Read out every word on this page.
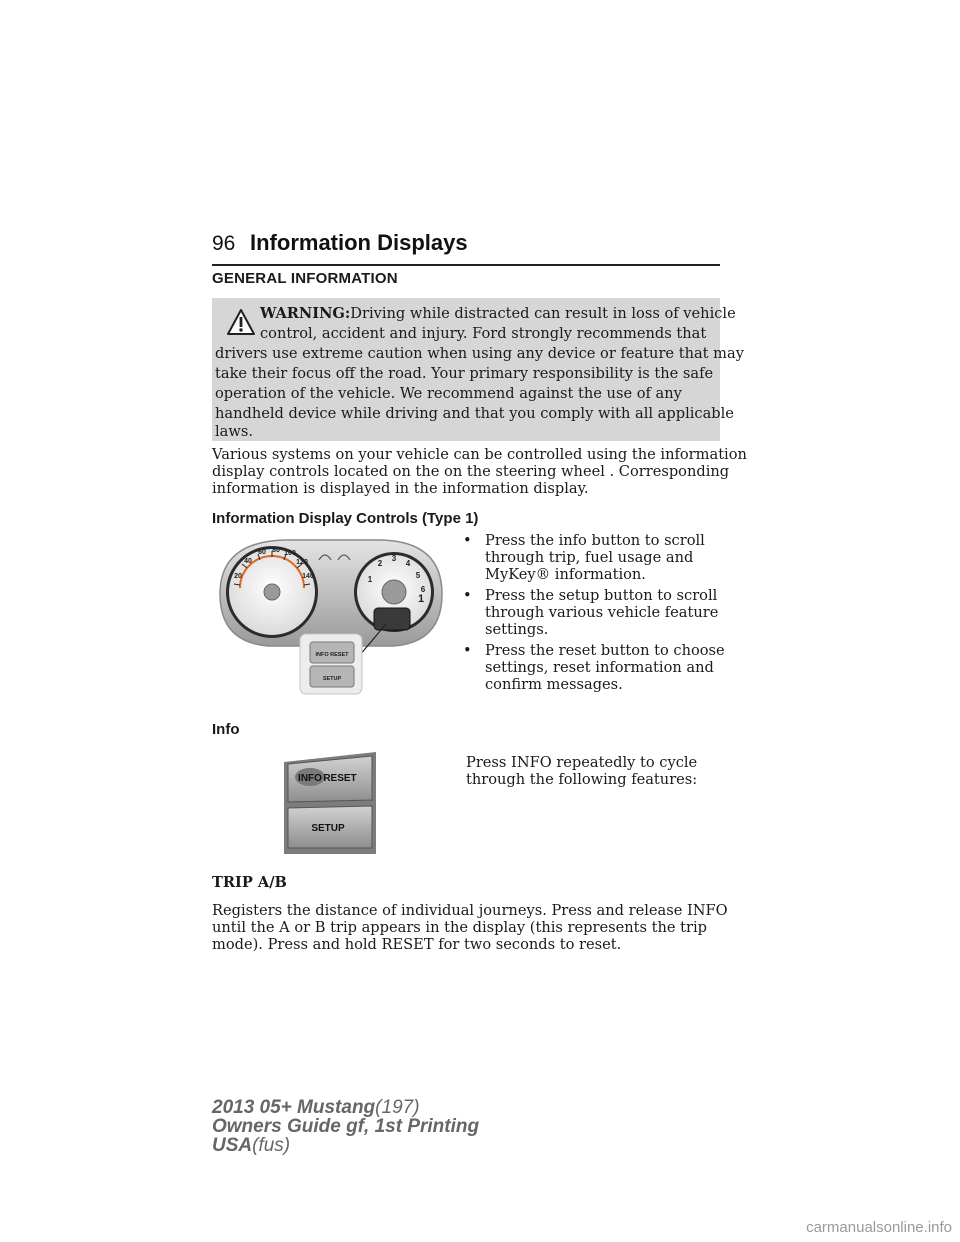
96 Information Displays
GENERAL INFORMATION
WARNING:Driving while distracted can result in loss of vehicle
control, accident and injury. Ford strongly recommends that
drivers use extreme caution when using any device or feature that may
take their focus off the road. Your primary responsibility is the safe
operation of the vehicle. We recommend against the use of any
handheld device while driving and that you comply with all applicable
laws.
Various systems on your vehicle can be controlled using the information
display controls located on the on the steering wheel . Corresponding
information is displayed in the information display.
Information Display Controls (Type 1)
20
40
60 80 100
120
140	1
2
3
4
5
6
1
INFO RESET
SETUP
• Press the info button to scroll
through trip, fuel usage and
MyKey® information.
• Press the setup button to scroll
through various vehicle feature
settings.
• Press the reset button to choose
settings, reset information and
confirm messages.
Info
INFO RESET
SETUP
Press INFO repeatedly to cycle
through the following features:
TRIP A/B
Registers the distance of individual journeys. Press and release INFO
until the A or B trip appears in the display (this represents the trip
mode). Press and hold RESET for two seconds to reset.
2013 05+ Mustang(197)
Owners Guide gf, 1st Printing
USA(fus)
carmanualsonline.info
